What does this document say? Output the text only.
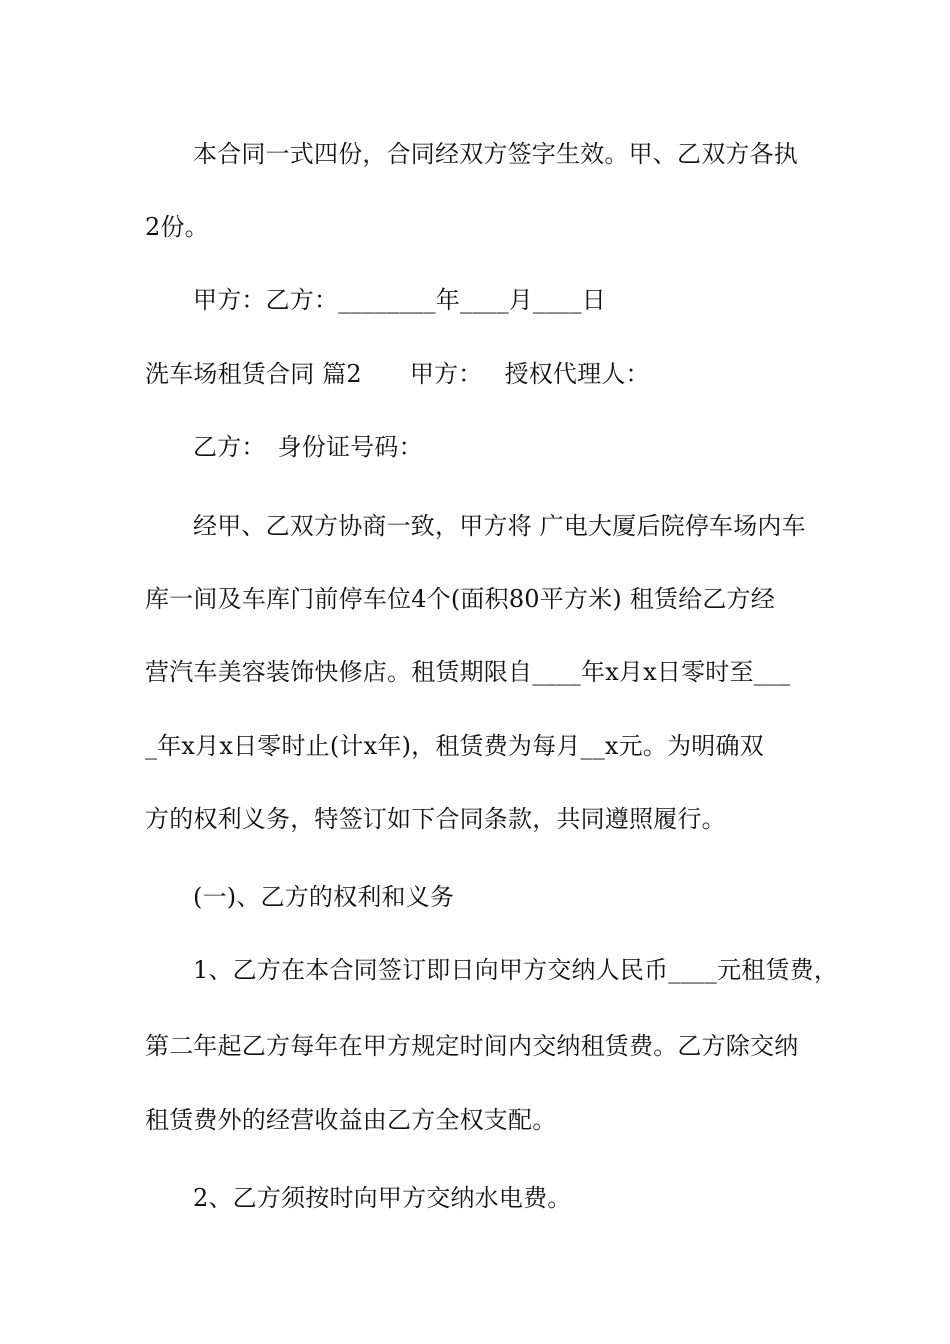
本合同一式四份，合同经双方签字生效。甲、乙双方各执
2份。
甲方：乙方：________年____月____日
洗车场租赁合同 篇2 甲方： 授权代理人：
乙方： 身份证号码：
经甲、乙双方协商一致，甲方将 广电大厦后院停车场内车
库一间及车库门前停车位4个(面积80平方米) 租赁给乙方经
营汽车美容装饰快修店。租赁期限自____年x月x日零时至___
_年x月x日零时止(计x年)，租赁费为每月__x元。为明确双
方的权利义务，特签订如下合同条款，共同遵照履行。
(一)、乙方的权利和义务
1、乙方在本合同签订即日向甲方交纳人民币____元租赁费，
第二年起乙方每年在甲方规定时间内交纳租赁费。乙方除交纳
租赁费外的经营收益由乙方全权支配。
2、乙方须按时向甲方交纳水电费。
